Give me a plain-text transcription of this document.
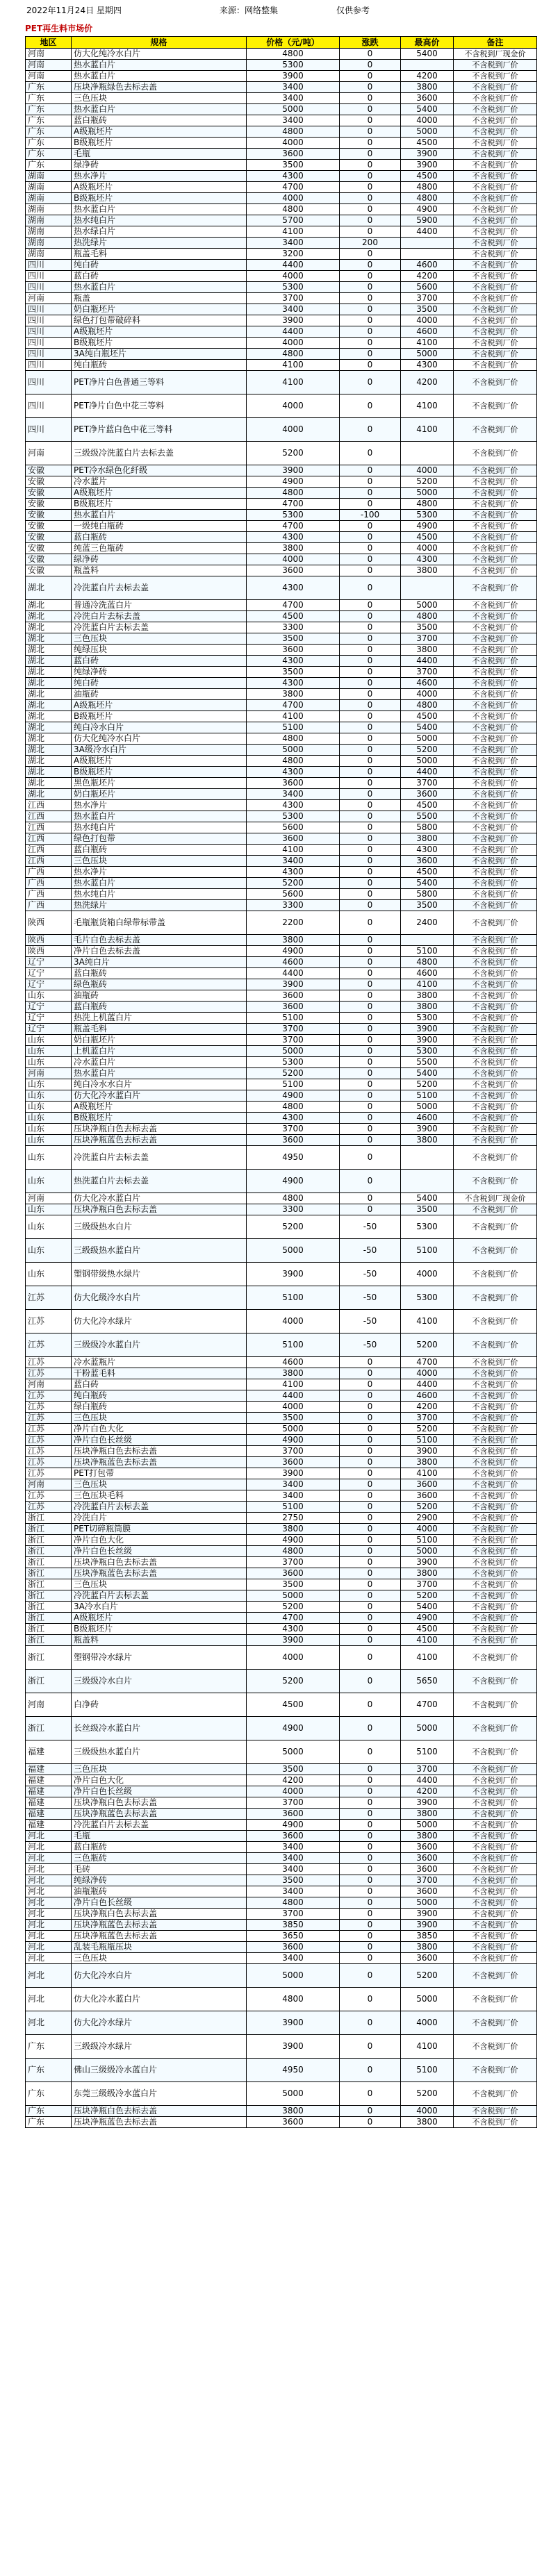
2022年11月24日 星期四	来源：网络整集	仅供参考
PET再生料市场价
地区	规格	价格（元/吨）	涨跌	最高价	备注
河南	仿大化纯冷水白片	4800	0	5400	不含税到厂现金价
河南	热水蓝白片	5300	0		不含税到厂价
河南	热水蓝白片	3900	0	4200	不含税到厂价
广东	压块净瓶绿色去标去盖	3400	0	3800	不含税到厂价
广东	三色压块	3400	0	3600	不含税到厂价
广东	热水蓝白片	5000	0	5400	不含税到厂价
广东	蓝白瓶砖	3400	0	4000	不含税到厂价
广东	A级瓶坯片	4800	0	5000	不含税到厂价
广东	B级瓶坯片	4000	0	4500	不含税到厂价
广东	毛瓶	3600	0	3900	不含税到厂价
广东	绿净砖	3500	0	3900	不含税到厂价
湖南	热水净片	4300	0	4500	不含税到厂价
湖南	A级瓶坯片	4700	0	4800	不含税到厂价
湖南	B级瓶坯片	4000	0	4800	不含税到厂价
湖南	热水蓝白片	4800	0	4900	不含税到厂价
湖南	热水纯白片	5700	0	5900	不含税到厂价
湖南	热水绿白片	4100	0	4400	不含税到厂价
湖南	热洗绿片	3400	200		不含税到厂价
湖南	瓶盖毛料	3200	0		不含税到厂价
四川	纯白砖	4400	0	4600	不含税到厂价
四川	蓝白砖	4000	0	4200	不含税到厂价
四川	热水蓝白片	5300	0	5600	不含税到厂价
河南	瓶盖	3700	0	3700	不含税到厂价
四川	奶白瓶坯片	3400	0	3500	不含税到厂价
四川	绿色打包带破碎料	3900	0	4000	不含税到厂价
四川	A级瓶坯片	4400	0	4600	不含税到厂价
四川	B级瓶坯片	4000	0	4100	不含税到厂价
四川	3A纯白瓶坯片	4800	0	5000	不含税到厂价
四川	纯白瓶砖	4100	0	4300	不含税到厂价
四川	PET净片白色普通三等料	4100	0	4200	不含税到厂价
四川	PET净片白色中花三等料	4000	0	4100	不含税到厂价
四川	PET净片蓝白色中花三等料	4000	0	4100	不含税到厂价
河南	三级级冷洗蓝白片去标去盖	5200	0		不含税到厂价
安徽	PET冷水绿色化纤级	3900	0	4000	不含税到厂价
安徽	冷水蓝片	4900	0	5200	不含税到厂价
安徽	A级瓶坯片	4800	0	5000	不含税到厂价
安徽	B级瓶坯片	4700	0	4800	不含税到厂价
安徽	热水蓝白片	5300	-100	5300	不含税到厂价
安徽	一级纯白瓶砖	4700	0	4900	不含税到厂价
安徽	蓝白瓶砖	4300	0	4500	不含税到厂价
安徽	纯蓝三色瓶砖	3800	0	4000	不含税到厂价
安徽	绿净砖	4000	0	4300	不含税到厂价
安徽	瓶盖料	3600	0	3800	不含税到厂价
湖北	冷洗蓝白片去标去盖	4300	0		不含税到厂价
湖北	普通冷洗蓝白片	4700	0	5000	不含税到厂价
湖北	冷洗白片去标去盖	4500	0	4800	不含税到厂价
湖北	冷洗蓝白片去标去盖	3300	0	3500	不含税到厂价
湖北	三色压块	3500	0	3700	不含税到厂价
湖北	纯绿压块	3600	0	3800	不含税到厂价
湖北	蓝白砖	4300	0	4400	不含税到厂价
湖北	纯绿净砖	3500	0	3700	不含税到厂价
湖北	纯白砖	4300	0	4600	不含税到厂价
湖北	油瓶砖	3800	0	4000	不含税到厂价
湖北	A级瓶坯片	4700	0	4800	不含税到厂价
湖北	B级瓶坯片	4100	0	4500	不含税到厂价
湖北	纯白冷水白片	5100	0	5400	不含税到厂价
湖北	仿大化纯冷水白片	4800	0	5000	不含税到厂价
湖北	3A级冷水白片	5000	0	5200	不含税到厂价
湖北	A级瓶坯片	4800	0	5000	不含税到厂价
湖北	B级瓶坯片	4300	0	4400	不含税到厂价
湖北	黑色瓶坯片	3600	0	3700	不含税到厂价
湖北	奶白瓶坯片	3400	0	3600	不含税到厂价
江西	热水净片	4300	0	4500	不含税到厂价
江西	热水蓝白片	5300	0	5500	不含税到厂价
江西	热水纯白片	5600	0	5800	不含税到厂价
江西	绿色打包带	3600	0	3800	不含税到厂价
江西	蓝白瓶砖	4100	0	4300	不含税到厂价
江西	三色压块	3400	0	3600	不含税到厂价
广西	热水净片	4300	0	4500	不含税到厂价
广西	热水蓝白片	5200	0	5400	不含税到厂价
广西	热水纯白片	5600	0	5800	不含税到厂价
广西	热洗绿片	3300	0	3500	不含税到厂价
陕西	毛瓶瓶货箱白绿带标带盖	2200	0	2400	不含税到厂价
陕西	毛片白色去标去盖	3800	0		不含税到厂价
陕西	净片白色去标去盖	4900	0	5100	不含税到厂价
辽宁	3A纯白片	4600	0	4800	不含税到厂价
辽宁	蓝白瓶砖	4400	0	4600	不含税到厂价
辽宁	绿色瓶砖	3900	0	4100	不含税到厂价
山东	油瓶砖	3600	0	3800	不含税到厂价
辽宁	蓝白瓶砖	3600	0	3800	不含税到厂价
辽宁	热洗上机蓝白片	5100	0	5300	不含税到厂价
辽宁	瓶盖毛料	3700	0	3900	不含税到厂价
山东	奶白瓶坯片	3700	0	3900	不含税到厂价
山东	上机蓝白片	5000	0	5300	不含税到厂价
山东	冷水蓝白片	5300	0	5500	不含税到厂价
河南	热水蓝白片	5200	0	5400	不含税到厂价
山东	纯白冷水水白片	5100	0	5200	不含税到厂价
山东	仿大化冷水蓝白片	4900	0	5100	不含税到厂价
山东	A级瓶坯片	4800	0	5000	不含税到厂价
山东	B级瓶坯片	4300	0	4600	不含税到厂价
山东	压块净瓶白色去标去盖	3700	0	3900	不含税到厂价
山东	压块净瓶蓝色去标去盖	3600	0	3800	不含税到厂价
山东	冷洗蓝白片去标去盖	4950	0		不含税到厂价
山东	热洗蓝白片去标去盖	4900	0		不含税到厂价
河南	仿大化冷水蓝白片	4800	0	5400	不含税到厂现金价
山东	压块净瓶白色去标去盖	3300	0	3500	不含税到厂价
山东	三级级热水白片	5200	-50	5300	不含税到厂价
山东	三级级热水蓝白片	5000	-50	5100	不含税到厂价
山东	塑钢带级热水绿片	3900	-50	4000	不含税到厂价
江苏	仿大化级冷水白片	5100	-50	5300	不含税到厂价
江苏	仿大化冷水绿片	4000	-50	4100	不含税到厂价
江苏	三级级冷水蓝白片	5100	-50	5200	不含税到厂价
江苏	冷水蓝瓶片	4600	0	4700	不含税到厂价
江苏	干粉蓝毛料	3800	0	4000	不含税到厂价
河南	蓝白砖	4100	0	4400	不含税到厂价
江苏	纯白瓶砖	4400	0	4600	不含税到厂价
江苏	绿白瓶砖	4000	0	4200	不含税到厂价
江苏	三色压块	3500	0	3700	不含税到厂价
江苏	净片白色大化	5000	0	5200	不含税到厂价
江苏	净片白色长丝级	4900	0	5100	不含税到厂价
江苏	压块净瓶白色去标去盖	3700	0	3900	不含税到厂价
江苏	压块净瓶蓝色去标去盖	3600	0	3800	不含税到厂价
江苏	PET打包带	3900	0	4100	不含税到厂价
河南	三色压块	3400	0	3600	不含税到厂价
江苏	三色压块毛料	3400	0	3600	不含税到厂价
江苏	冷洗蓝白片去标去盖	5100	0	5200	不含税到厂价
浙江	冷洗白片	2750	0	2900	不含税到厂价
浙江	PET切碎瓶筒膜	3800	0	4000	不含税到厂价
浙江	净片白色大化	4900	0	5100	不含税到厂价
浙江	净片白色长丝级	4800	0	5000	不含税到厂价
浙江	压块净瓶白色去标去盖	3700	0	3900	不含税到厂价
浙江	压块净瓶蓝色去标去盖	3600	0	3800	不含税到厂价
浙江	三色压块	3500	0	3700	不含税到厂价
浙江	冷洗蓝白片去标去盖	5000	0	5200	不含税到厂价
浙江	3A冷水白片	5200	0	5400	不含税到厂价
浙江	A级瓶坯片	4700	0	4900	不含税到厂价
浙江	B级瓶坯片	4300	0	4500	不含税到厂价
浙江	瓶盖料	3900	0	4100	不含税到厂价
浙江	塑钢带冷水绿片	4000	0	4100	不含税到厂价
浙江	三级级冷水白片	5200	0	5650	不含税到厂价
河南	白净砖	4500	0	4700	不含税到厂价
浙江	长丝级冷水蓝白片	4900	0	5000	不含税到厂价
福建	三级级热水蓝白片	5000	0	5100	不含税到厂价
福建	三色压块	3500	0	3700	不含税到厂价
福建	净片白色大化	4200	0	4400	不含税到厂价
福建	净片白色长丝级	4000	0	4200	不含税到厂价
福建	压块净瓶白色去标去盖	3700	0	3900	不含税到厂价
福建	压块净瓶蓝色去标去盖	3600	0	3800	不含税到厂价
福建	冷洗蓝白片去标去盖	4900	0	5000	不含税到厂价
河北	毛瓶	3600	0	3800	不含税到厂价
河北	蓝白瓶砖	3400	0	3600	不含税到厂价
河北	三色瓶砖	3400	0	3600	不含税到厂价
河北	毛砖	3400	0	3600	不含税到厂价
河北	纯绿净砖	3500	0	3700	不含税到厂价
河北	油瓶瓶砖	3400	0	3600	不含税到厂价
河北	净片白色长丝级	4800	0	5000	不含税到厂价
河北	压块净瓶白色去标去盖	3700	0	3900	不含税到厂价
河北	压块净瓶蓝色去标去盖	3850	0	3900	不含税到厂价
河北	压块净瓶蓝色去标去盖	3650	0	3850	不含税到厂价
河北	乱装毛瓶瓶压块	3600	0	3800	不含税到厂价
河北	三色压块	3400	0	3600	不含税到厂价
河北	仿大化冷水白片	5000	0	5200	不含税到厂价
河北	仿大化冷水蓝白片	4800	0	5000	不含税到厂价
河北	仿大化冷水绿片	3900	0	4000	不含税到厂价
广东	三级级冷水绿片	3900	0	4100	不含税到厂价
广东	佛山三级级冷水蓝白片	4950	0	5100	不含税到厂价
广东	东莞三级级冷水蓝白片	5000	0	5200	不含税到厂价
广东	压块净瓶白色去标去盖	3800	0	4000	不含税到厂价
广东	压块净瓶蓝色去标去盖	3600	0	3800	不含税到厂价
